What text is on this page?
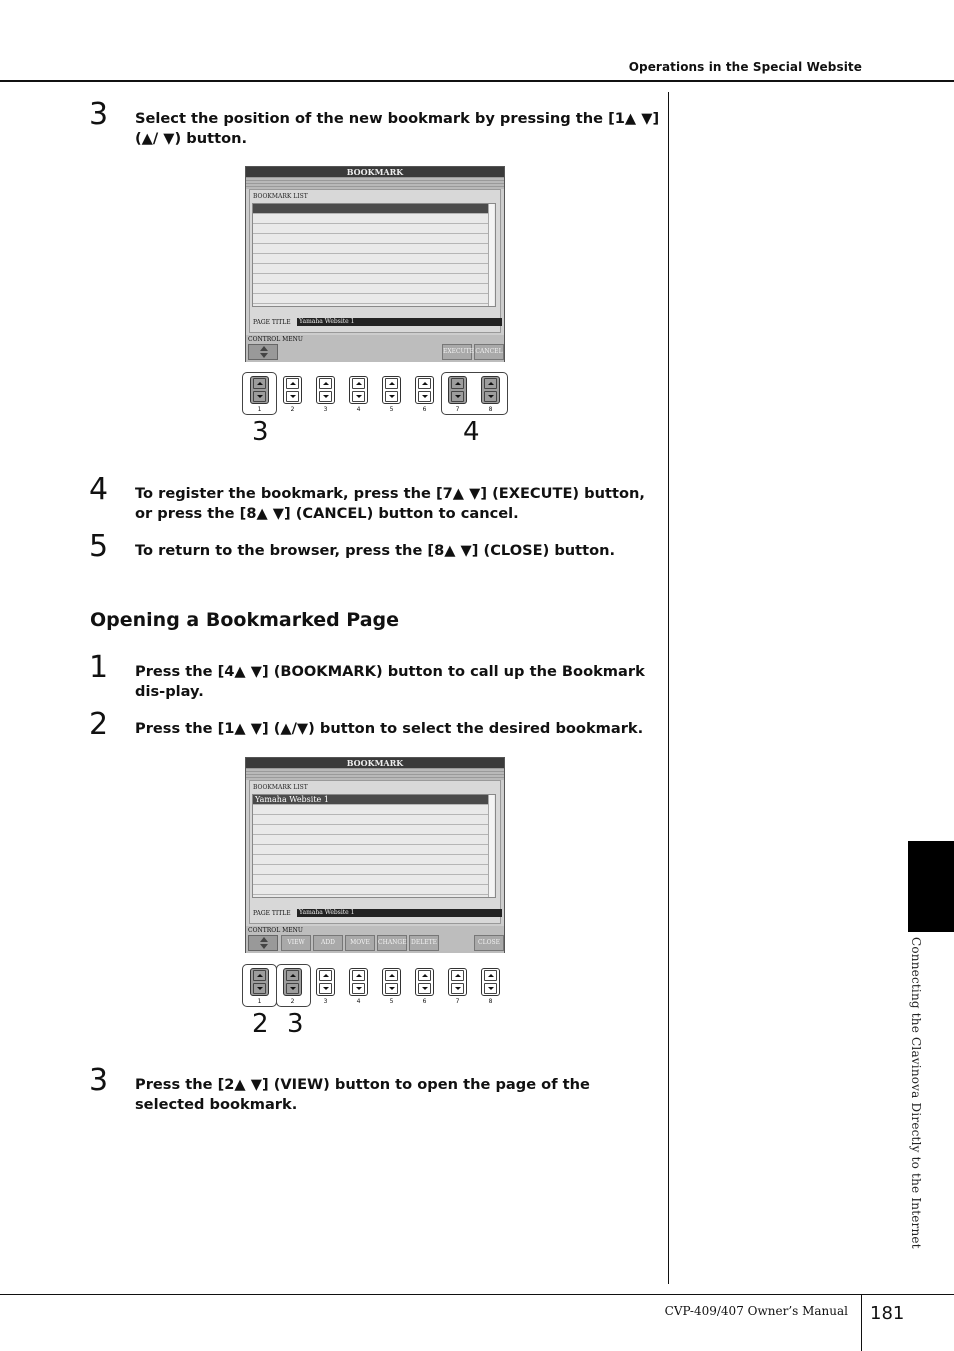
Operations in the Special Website
Connecting the Clavinova Directly to the Internet
CVP-409/407 Owner’s Manual 181
3 Select the position of the new bookmark by pressing the [1▲ ▼] (▲/ ▼) button.
BOOKMARK
BOOKMARK LIST
PAGE TITLE	Yamaha Website 1
CONTROL MENU
EXECUTE CANCEL
1	2	3	4	5	6	7	8
3	4
4 To register the bookmark, press the [7▲ ▼] (EXECUTE) button, or press the [8▲ ▼] (CANCEL) button to cancel.
5 To return to the browser, press the [8▲ ▼] (CLOSE) button.
Opening a Bookmarked Page
1 Press the [4▲ ▼] (BOOKMARK) button to call up the Bookmark dis-play.
2 Press the [1▲ ▼] (▲/▼) button to select the desired bookmark.
BOOKMARK
BOOKMARK LIST
Yamaha Website 1
PAGE TITLE	Yamaha Website 1
CONTROL MENU
VIEW	ADD	MOVE	CHANGE DELETE	CLOSE
1	2	3	4	5	6	7	8
2 3
3 Press the [2▲ ▼] (VIEW) button to open the page of the selected bookmark.
